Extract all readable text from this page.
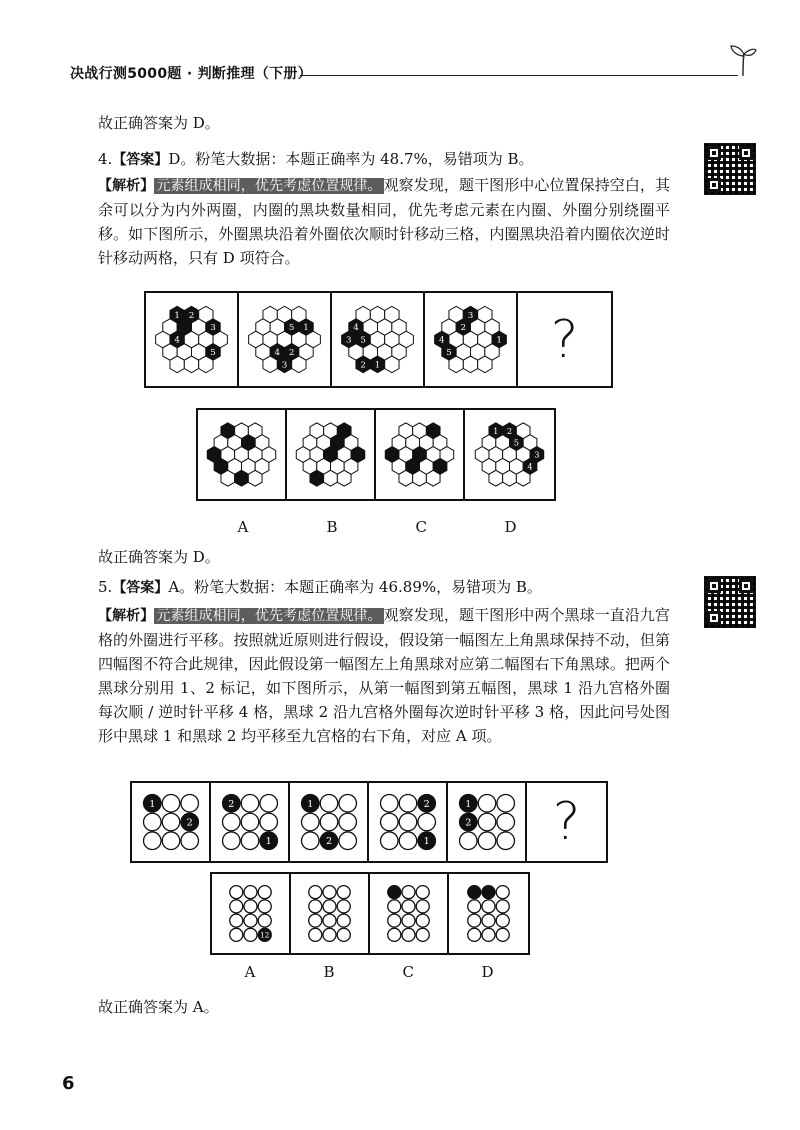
决战行测5000题 · 判断推理（下册）
故正确答案为 D。
4.【答案】D。粉笔大数据：本题正确率为 48.7%，易错项为 B。
【解析】 元素组成相同，优先考虑位置规律。 观察发现，题干图形中心位置保持空白，其余可以分为内外两圈，内圈的黑块数量相同，优先考虑元素在内圈、外圈分别绕圈平移。如下图所示，外圈黑块沿着外圈依次顺时针移动三格，内圈黑块沿着内圈依次逆时针移动两格，只有 D 项符合。
故正确答案为 D。
5.【答案】A。粉笔大数据：本题正确率为 46.89%，易错项为 B。
【解析】 元素组成相同，优先考虑位置规律。 观察发现，题干图形中两个黑球一直沿九宫格的外圈进行平移。按照就近原则进行假设，假设第一幅图左上角黑球保持不动，但第四幅图不符合此规律，因此假设第一幅图左上角黑球对应第二幅图右下角黑球。把两个黑球分别用 1、2 标记，如下图所示，从第一幅图到第五幅图，黑球 1 沿九宫格外圈每次顺 / 逆时针平移 4 格，黑球 2 沿九宫格外圈每次逆时针平移 3 格，因此问号处图形中黑球 1 和黑球 2 均平移至九宫格的右下角，对应 A 项。
故正确答案为 A。
6
1 2
3
4
5
5 1
4 2
3
4
3 5
2 1
3
2
4	1
5 ?
1 2
5
3
4
A	B	C	D
1
2
2
1
1
2
2
1
1
2 ?
12
A	B	C	D
